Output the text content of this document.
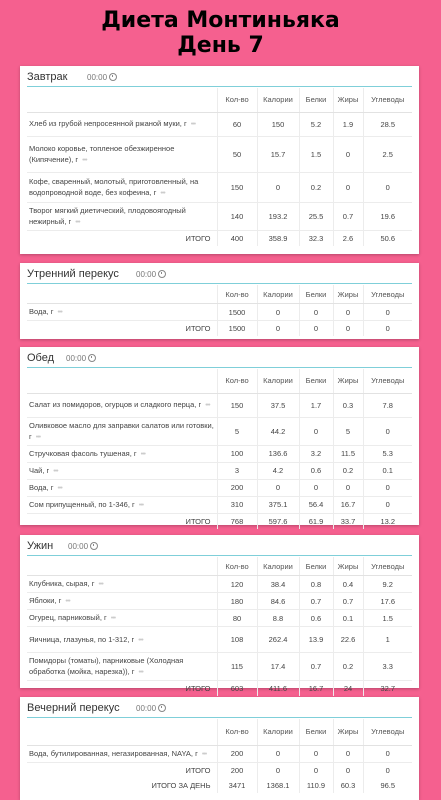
Диета Монтиньяка
День 7
Завтрак 00:00
	Кол-во	Калории	Белки	Жиры	Углеводы
Хлеб из грубой непросеянной ржаной муки, г •••	60	150	5.2	1.9	28.5
Молоко коровье, топленое обезжиренное (Кипячение), г •••	50	15.7	1.5	0	2.5
Кофе, сваренный, молотый, приготовленный, на водопроводной воде, без кофеина, г •••	150	0	0.2	0	0
Творог мягкий диетический, плодовоягодный нежирный, г •••	140	193.2	25.5	0.7	19.6
ИТОГО	400	358.9	32.3	2.6	50.6
Утренний перекус 00:00
	Кол-во	Калории	Белки	Жиры	Углеводы
Вода, г •••	1500	0	0	0	0
ИТОГО	1500	0	0	0	0
Обед 00:00
	Кол-во	Калории	Белки	Жиры	Углеводы
Салат из помидоров, огурцов и сладкого перца, г •••	150	37.5	1.7	0.3	7.8
Оливковое масло для заправки салатов или готовки, г •••	5	44.2	0	5	0
Стручковая фасоль тушеная, г •••	100	136.6	3.2	11.5	5.3
Чай, г •••	3	4.2	0.6	0.2	0.1
Вода, г •••	200	0	0	0	0
Сом припущенный, по 1-346, г •••	310	375.1	56.4	16.7	0
ИТОГО	768	597.6	61.9	33.7	13.2
Ужин 00:00
	Кол-во	Калории	Белки	Жиры	Углеводы
Клубника, сырая, г •••	120	38.4	0.8	0.4	9.2
Яблоки, г •••	180	84.6	0.7	0.7	17.6
Огурец, парниковый, г •••	80	8.8	0.6	0.1	1.5
Яичница, глазунья, по 1-312, г •••	108	262.4	13.9	22.6	1
Помидоры (томаты), парниковые (Холодная обработка (мойка, нарезка)), г •••	115	17.4	0.7	0.2	3.3
ИТОГО	603	411.6	16.7	24	32.7
Вечерний перекус 00:00
	Кол-во	Калории	Белки	Жиры	Углеводы
Вода, бутилированная, негазированная, NAYA, г •••	200	0	0	0	0
ИТОГО	200	0	0	0	0
ИТОГО ЗА ДЕНЬ	3471	1368.1	110.9	60.3	96.5
